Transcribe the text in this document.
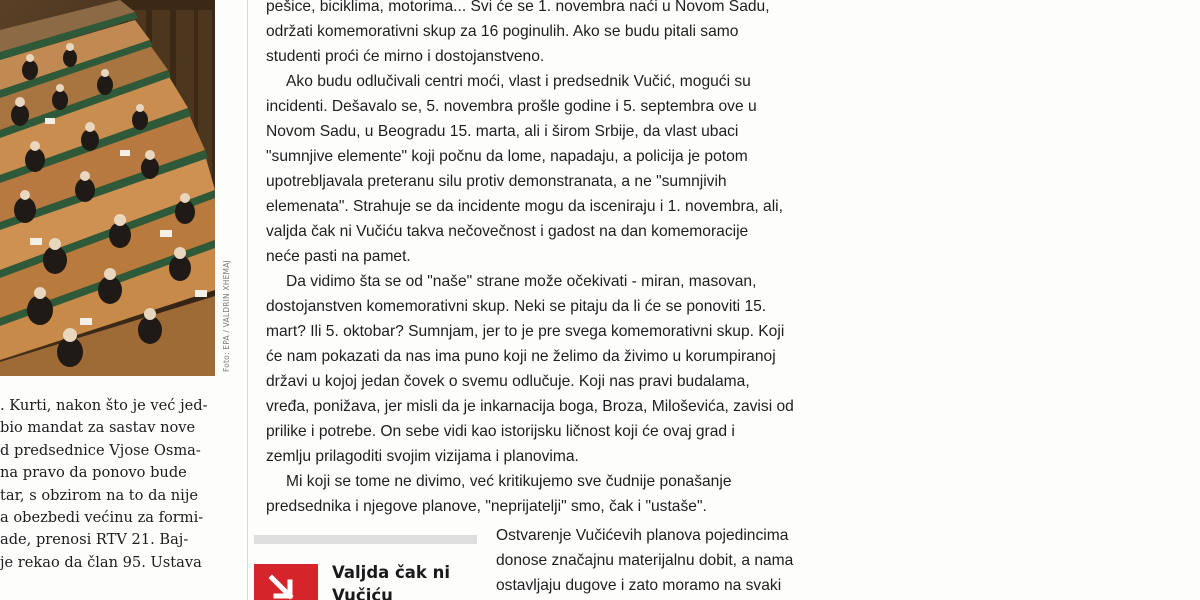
Foto: EPA / VALDRIN XHEMAJ
. Kurti, nakon što je već jed-
bio mandat za sastav nove
d predsednice Vjose Osma-
na pravo da ponovo bude
tar, s obzirom na to da nije
a obezbedi većinu za formi-
ade, prenosi RTV 21. Baj-
je rekao da član 95. Ustava
pešice, biciklima, motorima... Svi će se 1. novembra naći u Novom Sadu,
održati komemorativni skup za 16 poginulih. Ako se budu pitali samo
studenti proći će mirno i dostojanstveno.
Ako budu odlučivali centri moći, vlast i predsednik Vučić, mogući su
incidenti. Dešavalo se, 5. novembra prošle godine i 5. septembra ove u
Novom Sadu, u Beogradu 15. marta, ali i širom Srbije, da vlast ubaci
"sumnjive elemente" koji počnu da lome, napadaju, a policija je potom
upotrebljavala preteranu silu protiv demonstranata, a ne "sumnjivih
elemenata". Strahuje se da incidente mogu da isceniraju i 1. novembra, ali,
valjda čak ni Vučiću takva nečovečnost i gadost na dan komemoracije
neće pasti na pamet.
Da vidimo šta se od "naše" strane može očekivati - miran, masovan,
dostojanstven komemorativni skup. Neki se pitaju da li će se ponoviti 15.
mart? Ili 5. oktobar? Sumnjam, jer to je pre svega komemorativni skup. Koji
će nam pokazati da nas ima puno koji ne želimo da živimo u korumpiranoj
državi u kojoj jedan čovek o svemu odlučuje. Koji nas pravi budalama,
vređa, ponižava, jer misli da je inkarnacija boga, Broza, Miloševića, zavisi od
prilike i potrebe. On sebe vidi kao istorijsku ličnost koji će ovaj grad i
zemlju prilagoditi svojim vizijama i planovima.
Mi koji se tome ne divimo, već kritikujemo sve čudnije ponašanje
predsednika i njegove planove, "neprijatelji" smo, čak i "ustaše".
Valjda čak ni
Vučiću
Ostvarenje Vučićevih planova pojedincima
donose značajnu materijalnu dobit, a nama
ostavljaju dugove i zato moramo na svaki
